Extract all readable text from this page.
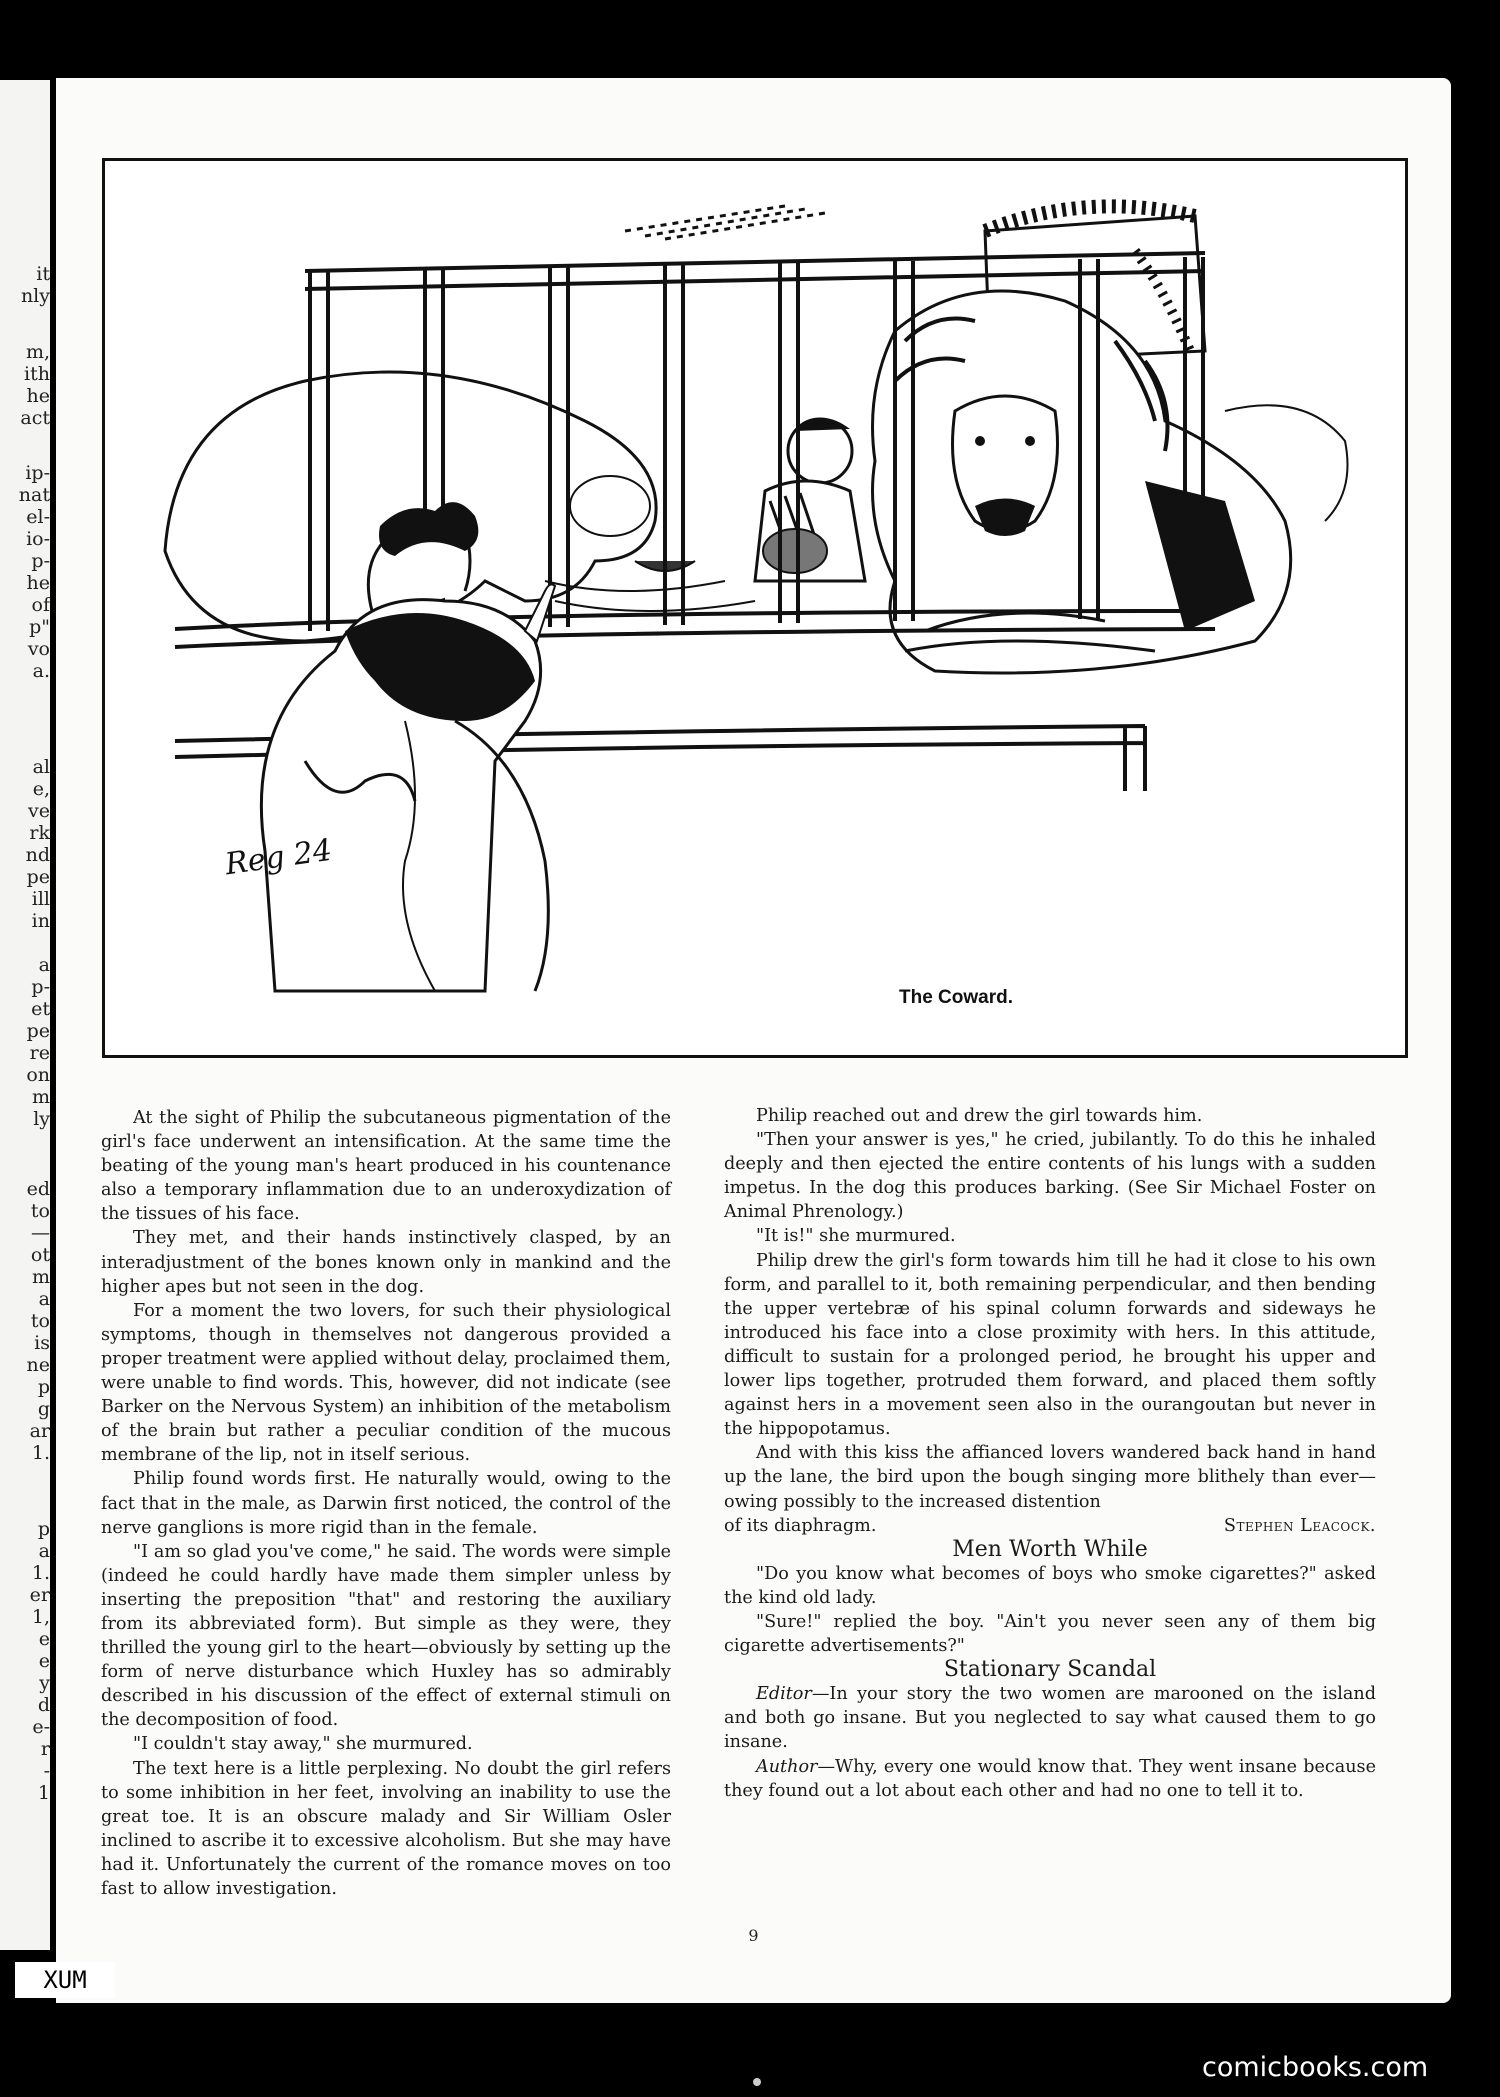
it
nly
m,
ith
he
act
ip-
nat
el-
io-
p-
he
of
p"
vo
a.
al
e,
ve
rk
nd
pe
ill
in
a
p-
et
pe
re
on
m
ly
ed
to
—
ot
m
a
to
is
ne
p
g
ar
1.
p
a
1.
er
1,
e
e
y
d
e-
r
-
1
Reg 24
The Coward.

At the sight of Philip the subcutaneous pigmentation of the girl's face underwent an intensification. At the same time the beating of the young man's heart produced in his countenance also a temporary inflammation due to an underoxydization of the tissues of his face.

They met, and their hands instinctively clasped, by an interadjustment of the bones known only in mankind and the higher apes but not seen in the dog.

For a moment the two lovers, for such their physiological symptoms, though in themselves not dangerous provided a proper treatment were applied without delay, proclaimed them, were unable to find words. This, however, did not indicate (see Barker on the Nervous System) an inhibition of the metabolism of the brain but rather a peculiar condition of the mucous membrane of the lip, not in itself serious.

Philip found words first. He naturally would, owing to the fact that in the male, as Darwin first noticed, the control of the nerve ganglions is more rigid than in the female.

"I am so glad you've come," he said. The words were simple (indeed he could hardly have made them simpler unless by inserting the preposition "that" and restoring the auxiliary from its abbreviated form). But simple as they were, they thrilled the young girl to the heart—obviously by setting up the form of nerve disturbance which Huxley has so admirably described in his discussion of the effect of external stimuli on the decomposition of food.

"I couldn't stay away," she murmured.

The text here is a little perplexing. No doubt the girl refers to some inhibition in her feet, involving an inability to use the great toe. It is an obscure malady and Sir William Osler inclined to ascribe it to excessive alcoholism. But she may have had it. Unfortunately the current of the romance moves on too fast to allow investigation.

Philip reached out and drew the girl towards him.

"Then your answer is yes," he cried, jubilantly. To do this he inhaled deeply and then ejected the entire contents of his lungs with a sudden impetus. In the dog this produces barking. (See Sir Michael Foster on Animal Phrenology.)

"It is!" she murmured.

Philip drew the girl's form towards him till he had it close to his own form, and parallel to it, both remaining perpendicular, and then bending the upper vertebræ of his spinal column forwards and sideways he introduced his face into a close proximity with hers. In this attitude, difficult to sustain for a prolonged period, he brought his upper and lower lips together, protruded them forward, and placed them softly against hers in a movement seen also in the ourangoutan but never in the hippopotamus.

And with this kiss the affianced lovers wandered back hand in hand up the lane, the bird upon the bough singing more blithely than ever—owing possibly to the increased distention

of its diaphragm.	Stephen Leacock.

Men Worth While

"Do you know what becomes of boys who smoke cigarettes?" asked the kind old lady.

"Sure!" replied the boy. "Ain't you never seen any of them big cigarette advertisements?"

Stationary Scandal

Editor—In your story the two women are marooned on the island and both go insane. But you neglected to say what caused them to go insane.

Author—Why, every one would know that. They went insane because they found out a lot about each other and had no one to tell it to.

9
XUM
comicbooks.com
